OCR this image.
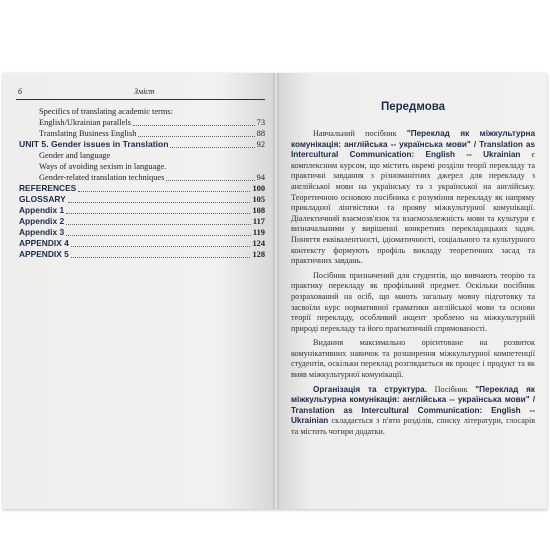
6	Зміст
Specifics of translating academic terms:
English/Ukrainian parallels	73
Translating Business English	88
UNIT 5. Gender issues in Translation	92
Gender and language
Ways of avoiding sexism in language.
Gender-related translation techniques	94
REFERENCES	100
GLOSSARY	105
Appendix 1	108
Appendix 2	117
Appendix 3	119
APPENDIX 4	124
APPENDIX 5	128
Передмова

Навчальний посібник "Переклад як міжкультурна комунікація: англійська -- українська мови" / Translation as Intercultural Communication: English -- Ukrainian є комплексним курсом, що містить окремі розділи теорії перекладу та практичні завдання з різноманітних джерел для перекладу з англійської мови на українську та з української на англійську. Теоретичною основою посібника є розуміння перекладу як напряму прикладної лінгвістики та прояву міжкультурної комунікації. Діалектичний взаємозв'язок та взаємозалежність мови та культури є визначальними у вирішенні конкретних перекладацьких задач. Поняття еквівалентності, ідіоматичності, соціального та культурного контексту формують профіль викладу теоретичних засад та практичних завдань.

Посібник призначений для студентів, що вивчають теорію та практику перекладу як профільний предмет. Оскільки посібник розрахований на осіб, що мають загальну мовну підготовку та засвоїли курс нормативної граматики англійської мови та основи теорії перекладу, особливий акцент зроблено на міжкультурній природі перекладу та його прагматичній спрямованості.

Видання максимально орієнтоване на розвиток комунікативних навичок та розширення міжкультурної компетенції студентів, оскільки переклад розглядається як процес і продукт та як вияв міжкультурної комунікації.

Організація та структура. Посібник "Переклад як міжкультурна комунікація: англійська -- українська мови" / Translation as Intercultural Communication: English -- Ukrainian складається з п'яти розділів, списку літератури, глосарія та містить чотири додатки.
